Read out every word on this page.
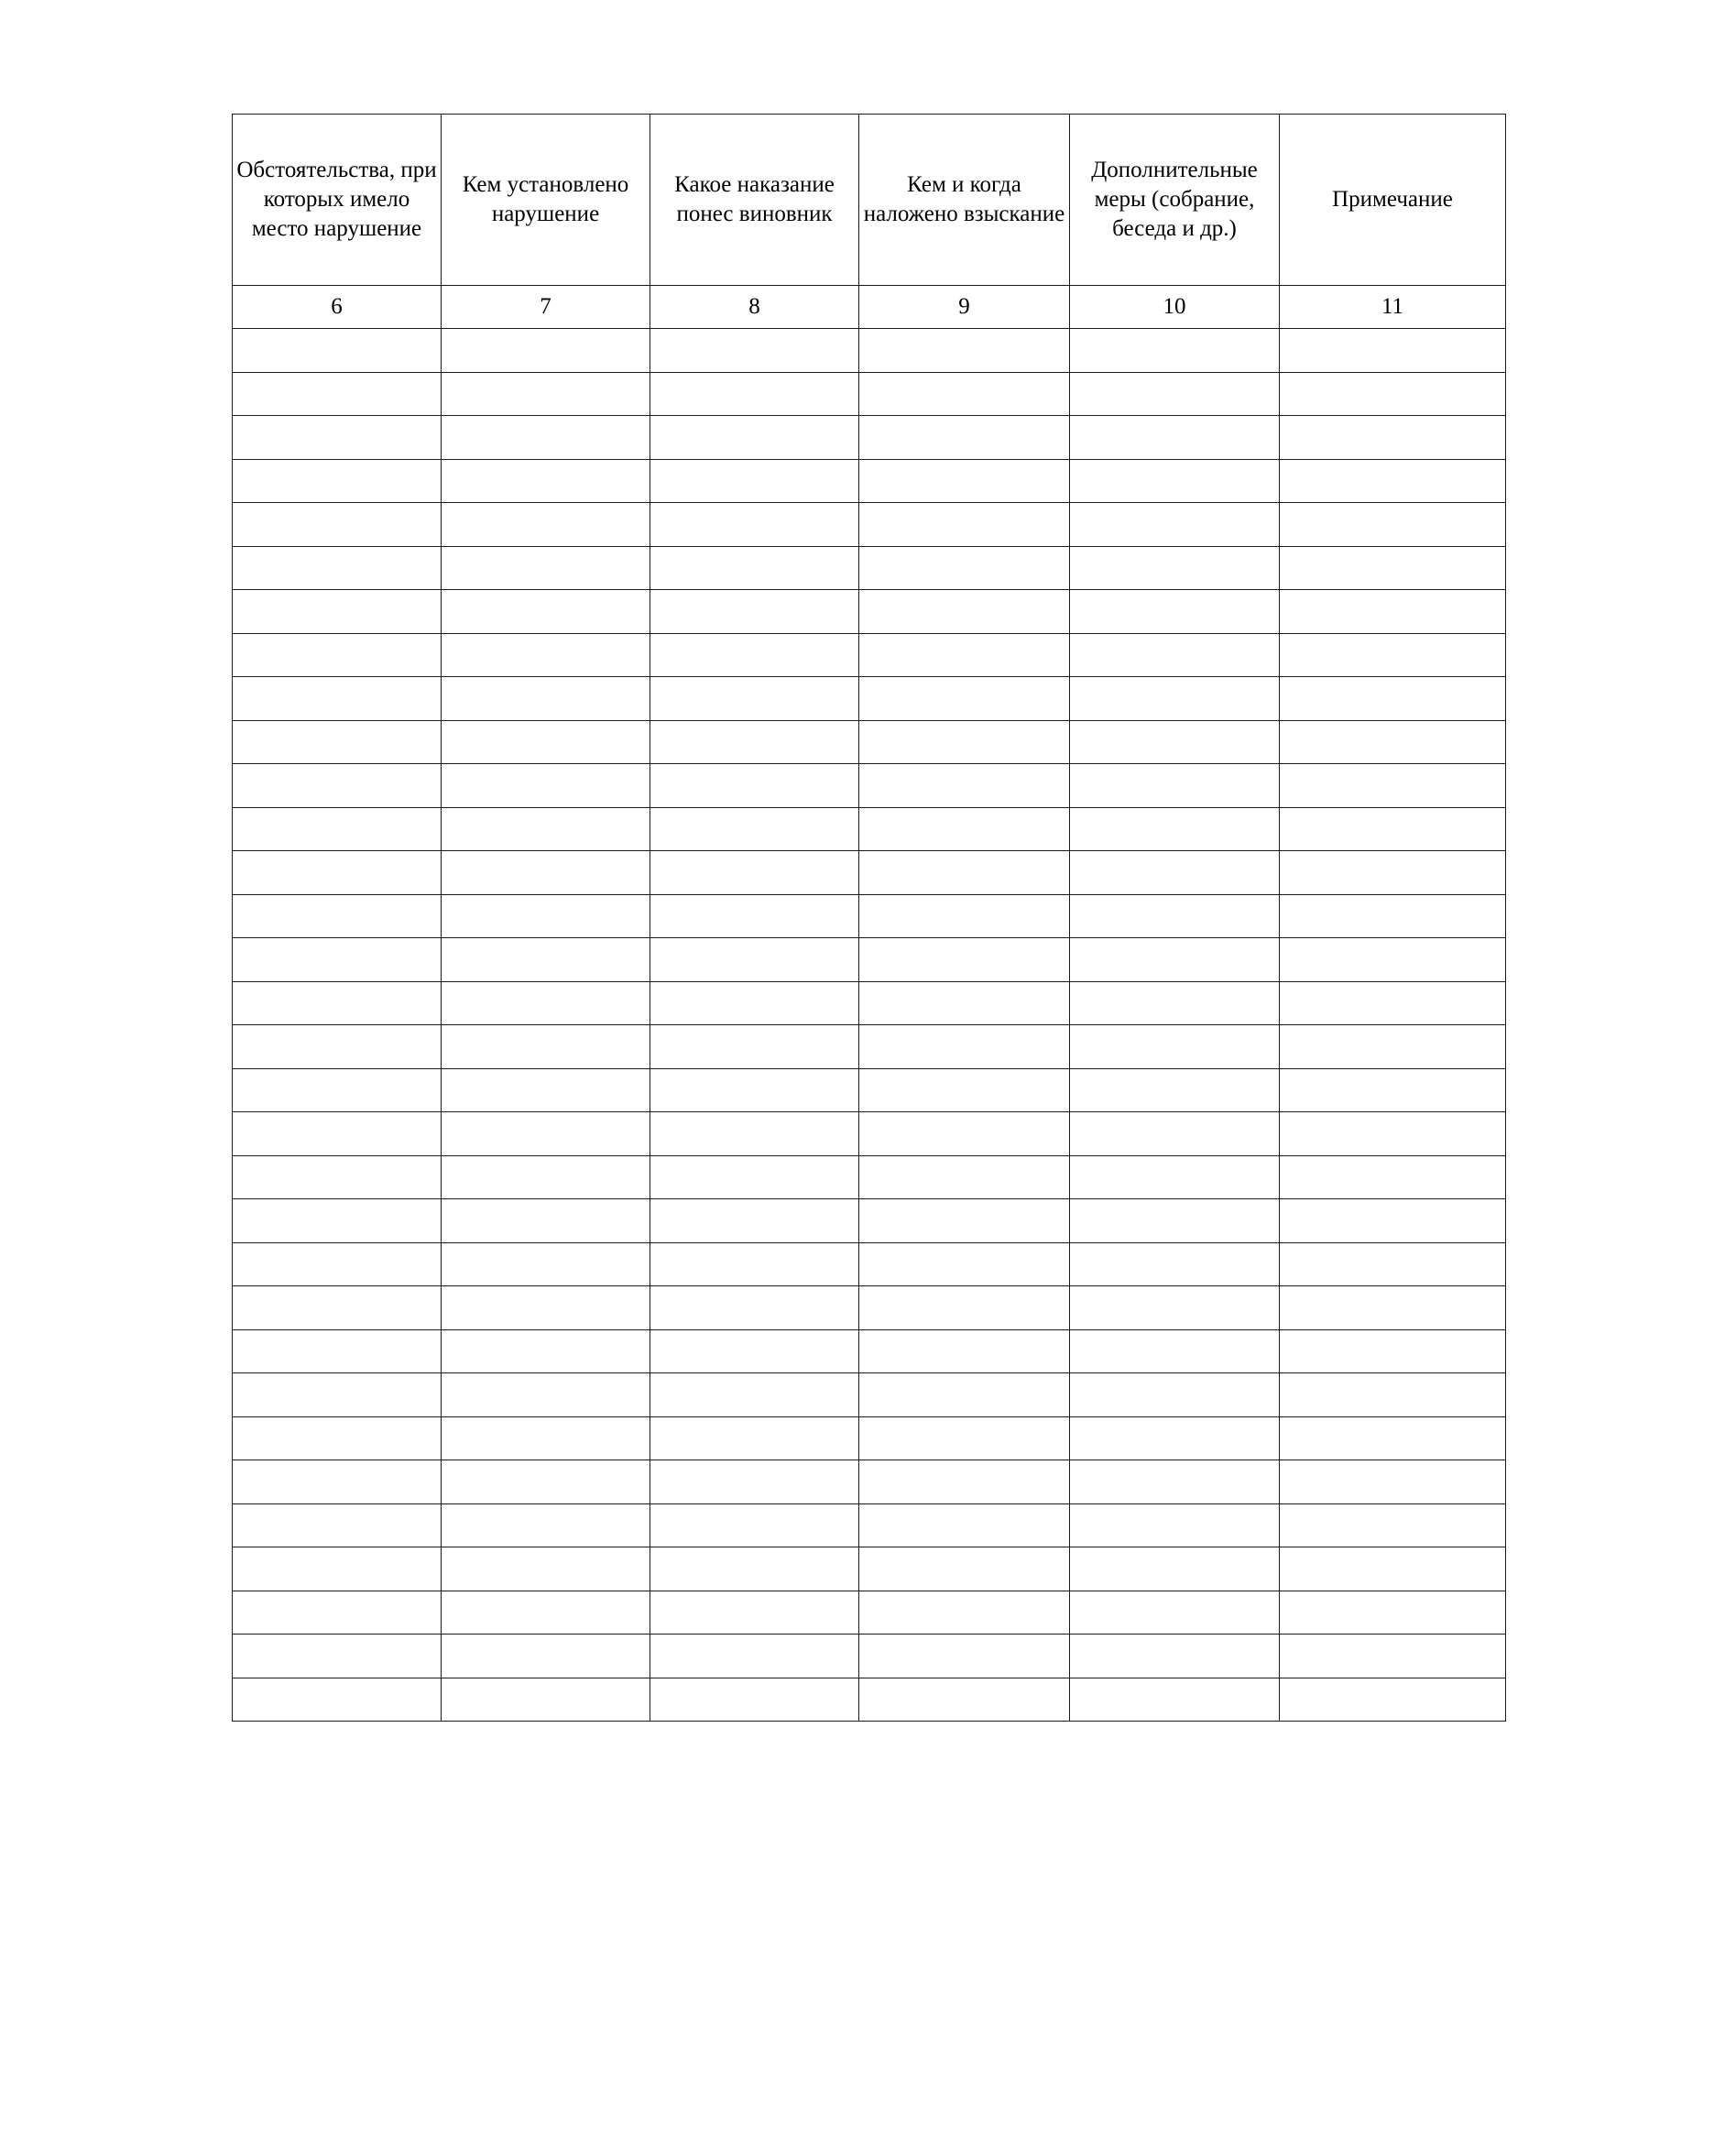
Обстоятельства, при которых имело место нарушение	Кем установлено нарушение	Какое наказание понес виновник	Кем и когда наложено взыскание	Дополнительные меры (собрание, беседа и др.)	Примечание
6	7	8	9	10	11
